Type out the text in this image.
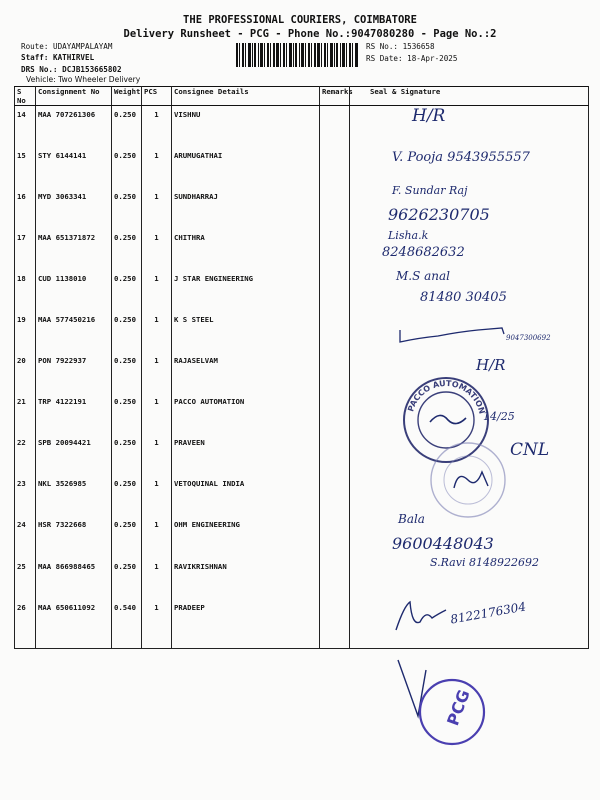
THE PROFESSIONAL COURIERS, COIMBATORE
Delivery Runsheet - PCG - Phone No.:9047080280 - Page No.:2
Route: UDAYAMPALAYAM
Staff: KATHIRVEL
DRS No.: DCJB153665802
Vehicle: Two Wheeler Delivery
RS No.: 1536658
RS Date: 18-Apr-2025
S No	Consignment No	Weight	PCS	Consignee Details	Remarks	Seal & Signature
14	MAA 707261306	0.250	1	VISHNU		
15	STY 6144141	0.250	1	ARUMUGATHAI		
16	MYD 3063341	0.250	1	SUNDHARRAJ		
17	MAA 651371872	0.250	1	CHITHRA		
18	CUD 1138010	0.250	1	J STAR ENGINEERING		
19	MAA 577450216	0.250	1	K S STEEL		
20	PON 7922937	0.250	1	RAJASELVAM		
21	TRP 4122191	0.250	1	PACCO AUTOMATION		
22	SPB 20094421	0.250	1	PRAVEEN		
23	NKL 3526985	0.250	1	VETOQUINAL INDIA		
24	HSR 7322668	0.250	1	OHM ENGINEERING		
25	MAA 866988465	0.250	1	RAVIKRISHNAN		
26	MAA 650611092	0.540	1	PRADEEP		
H/R
V. Pooja 9543955557
F. Sundar Raj
9626230705
Lisha.k
8248682632
M.S anal
81480 30405
9047300692
H/R
PACCO AUTOMATION
14/25
CNL
Bala
9600448043
S.Ravi 8148922692
8122176304
PCG
